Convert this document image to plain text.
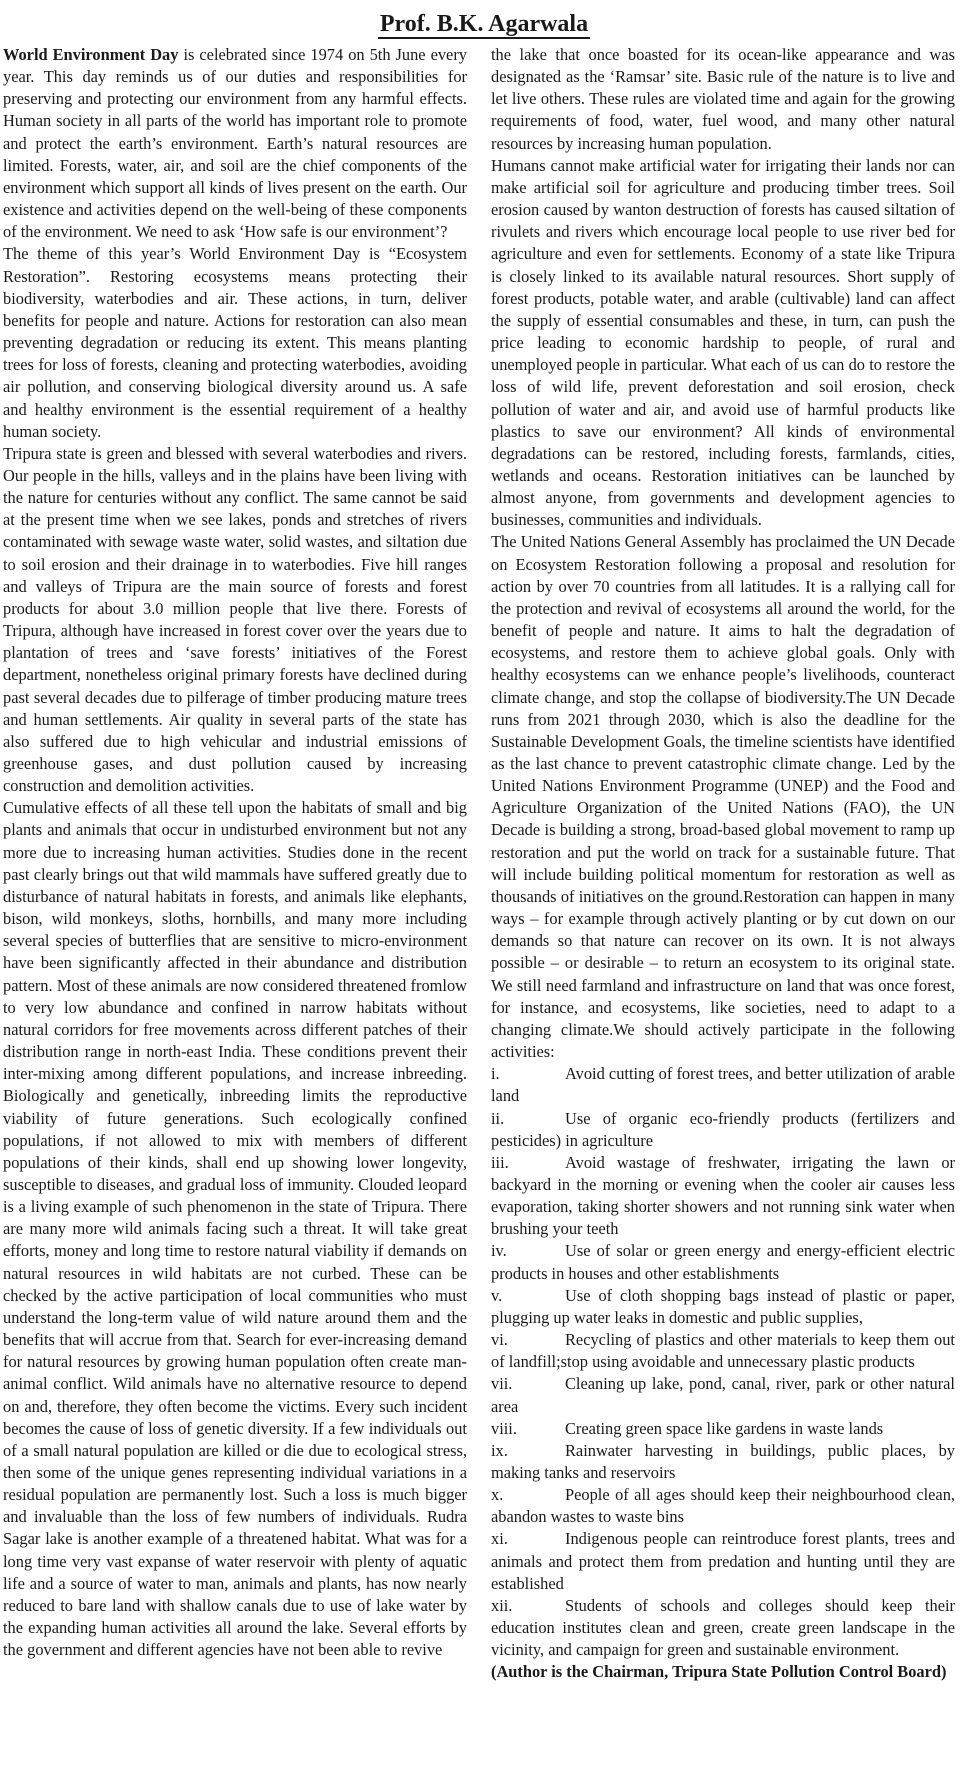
Prof. B.K. Agarwala

World Environment Day is celebrated since 1974 on 5th June every year. This day reminds us of our duties and responsibilities for preserving and protecting our environment from any harmful effects. Human society in all parts of the world has important role to promote and protect the earth’s environment. Earth’s natural resources are limited. Forests, water, air, and soil are the chief components of the environment which support all kinds of lives present on the earth. Our existence and activities depend on the well-being of these components of the environment. We need to ask ‘How safe is our environment’?

The theme of this year’s World Environment Day is “Ecosystem Restoration”. Restoring ecosystems means protecting their biodiversity, waterbodies and air. These actions, in turn, deliver benefits for people and nature. Actions for restoration can also mean preventing degradation or reducing its extent. This means planting trees for loss of forests, cleaning and protecting waterbodies, avoiding air pollution, and conserving biological diversity around us. A safe and healthy environment is the essential requirement of a healthy human society.

Tripura state is green and blessed with several waterbodies and rivers. Our people in the hills, valleys and in the plains have been living with the nature for centuries without any conflict. The same cannot be said at the present time when we see lakes, ponds and stretches of rivers contaminated with sewage waste water, solid wastes, and siltation due to soil erosion and their drainage in to waterbodies. Five hill ranges and valleys of Tripura are the main source of forests and forest products for about 3.0 million people that live there. Forests of Tripura, although have increased in forest cover over the years due to plantation of trees and ‘save forests’ initiatives of the Forest department, nonetheless original primary forests have declined during past several decades due to pilferage of timber producing mature trees and human settlements. Air quality in several parts of the state has also suffered due to high vehicular and industrial emissions of greenhouse gases, and dust pollution caused by increasing construction and demolition activities.

Cumulative effects of all these tell upon the habitats of small and big plants and animals that occur in undisturbed environment but not any more due to increasing human activities. Studies done in the recent past clearly brings out that wild mammals have suffered greatly due to disturbance of natural habitats in forests, and animals like elephants, bison, wild monkeys, sloths, hornbills, and many more including several species of butterflies that are sensitive to micro-environment have been significantly affected in their abundance and distribution pattern. Most of these animals are now considered threatened fromlow to very low abundance and confined in narrow habitats without natural corridors for free movements across different patches of their distribution range in north-east India. These conditions prevent their inter-mixing among different populations, and increase inbreeding. Biologically and genetically, inbreeding limits the reproductive viability of future generations. Such ecologically confined populations, if not allowed to mix with members of different populations of their kinds, shall end up showing lower longevity, susceptible to diseases, and gradual loss of immunity. Clouded leopard is a living example of such phenomenon in the state of Tripura. There are many more wild animals facing such a threat. It will take great efforts, money and long time to restore natural viability if demands on natural resources in wild habitats are not curbed. These can be checked by the active participation of local communities who must understand the long-term value of wild nature around them and the benefits that will accrue from that. Search for ever-increasing demand for natural resources by growing human population often create man-animal conflict. Wild animals have no alternative resource to depend on and, therefore, they often become the victims. Every such incident becomes the cause of loss of genetic diversity. If a few individuals out of a small natural population are killed or die due to ecological stress, then some of the unique genes representing individual variations in a residual population are permanently lost. Such a loss is much bigger and invaluable than the loss of few numbers of individuals. Rudra Sagar lake is another example of a threatened habitat. What was for a long time very vast expanse of water reservoir with plenty of aquatic life and a source of water to man, animals and plants, has now nearly reduced to bare land with shallow canals due to use of lake water by the expanding human activities all around the lake. Several efforts by the government and different agencies have not been able to revive

the lake that once boasted for its ocean-like appearance and was designated as the ‘Ramsar’ site. Basic rule of the nature is to live and let live others. These rules are violated time and again for the growing requirements of food, water, fuel wood, and many other natural resources by increasing human population.

Humans cannot make artificial water for irrigating their lands nor can make artificial soil for agriculture and producing timber trees. Soil erosion caused by wanton destruction of forests has caused siltation of rivulets and rivers which encourage local people to use river bed for agriculture and even for settlements. Economy of a state like Tripura is closely linked to its available natural resources. Short supply of forest products, potable water, and arable (cultivable) land can affect the supply of essential consumables and these, in turn, can push the price leading to economic hardship to people, of rural and unemployed people in particular. What each of us can do to restore the loss of wild life, prevent deforestation and soil erosion, check pollution of water and air, and avoid use of harmful products like plastics to save our environment? All kinds of environmental degradations can be restored, including forests, farmlands, cities, wetlands and oceans. Restoration initiatives can be launched by almost anyone, from governments and development agencies to businesses, communities and individuals.

The United Nations General Assembly has proclaimed the UN Decade on Ecosystem Restoration following a proposal and resolution for action by over 70 countries from all latitudes. It is a rallying call for the protection and revival of ecosystems all around the world, for the benefit of people and nature. It aims to halt the degradation of ecosystems, and restore them to achieve global goals. Only with healthy ecosystems can we enhance people’s livelihoods, counteract climate change, and stop the collapse of biodiversity.The UN Decade runs from 2021 through 2030, which is also the deadline for the Sustainable Development Goals, the timeline scientists have identified as the last chance to prevent catastrophic climate change. Led by the United Nations Environment Programme (UNEP) and the Food and Agriculture Organization of the United Nations (FAO), the UN Decade is building a strong, broad-based global movement to ramp up restoration and put the world on track for a sustainable future. That will include building political momentum for restoration as well as thousands of initiatives on the ground.Restoration can happen in many ways – for example through actively planting or by cut down on our demands so that nature can recover on its own. It is not always possible – or desirable – to return an ecosystem to its original state. We still need farmland and infrastructure on land that was once forest, for instance, and ecosystems, like societies, need to adapt to a changing climate.We should actively participate in the following activities:

i.	Avoid cutting of forest trees, and better utilization of arable land

ii.	Use of organic eco-friendly products (fertilizers and pesticides) in agriculture

iii.	Avoid wastage of freshwater, irrigating the lawn or backyard in the morning or evening when the cooler air causes less evaporation, taking shorter showers and not running sink water when brushing your teeth

iv.	Use of solar or green energy and energy-efficient electric products in houses and other establishments

v.	Use of cloth shopping bags instead of plastic or paper, plugging up water leaks in domestic and public supplies,

vi.	Recycling of plastics and other materials to keep them out of landfill;stop using avoidable and unnecessary plastic products

vii.	Cleaning up lake, pond, canal, river, park or other natural area

viii.	Creating green space like gardens in waste lands

ix.	Rainwater harvesting in buildings, public places, by making tanks and reservoirs

x.	People of all ages should keep their neighbourhood clean, abandon wastes to waste bins

xi.	Indigenous people can reintroduce forest plants, trees and animals and protect them from predation and hunting until they are established

xii.	Students of schools and colleges should keep their education institutes clean and green, create green landscape in the vicinity, and campaign for green and sustainable environment.

(Author is the Chairman, Tripura State Pollution Control Board)
